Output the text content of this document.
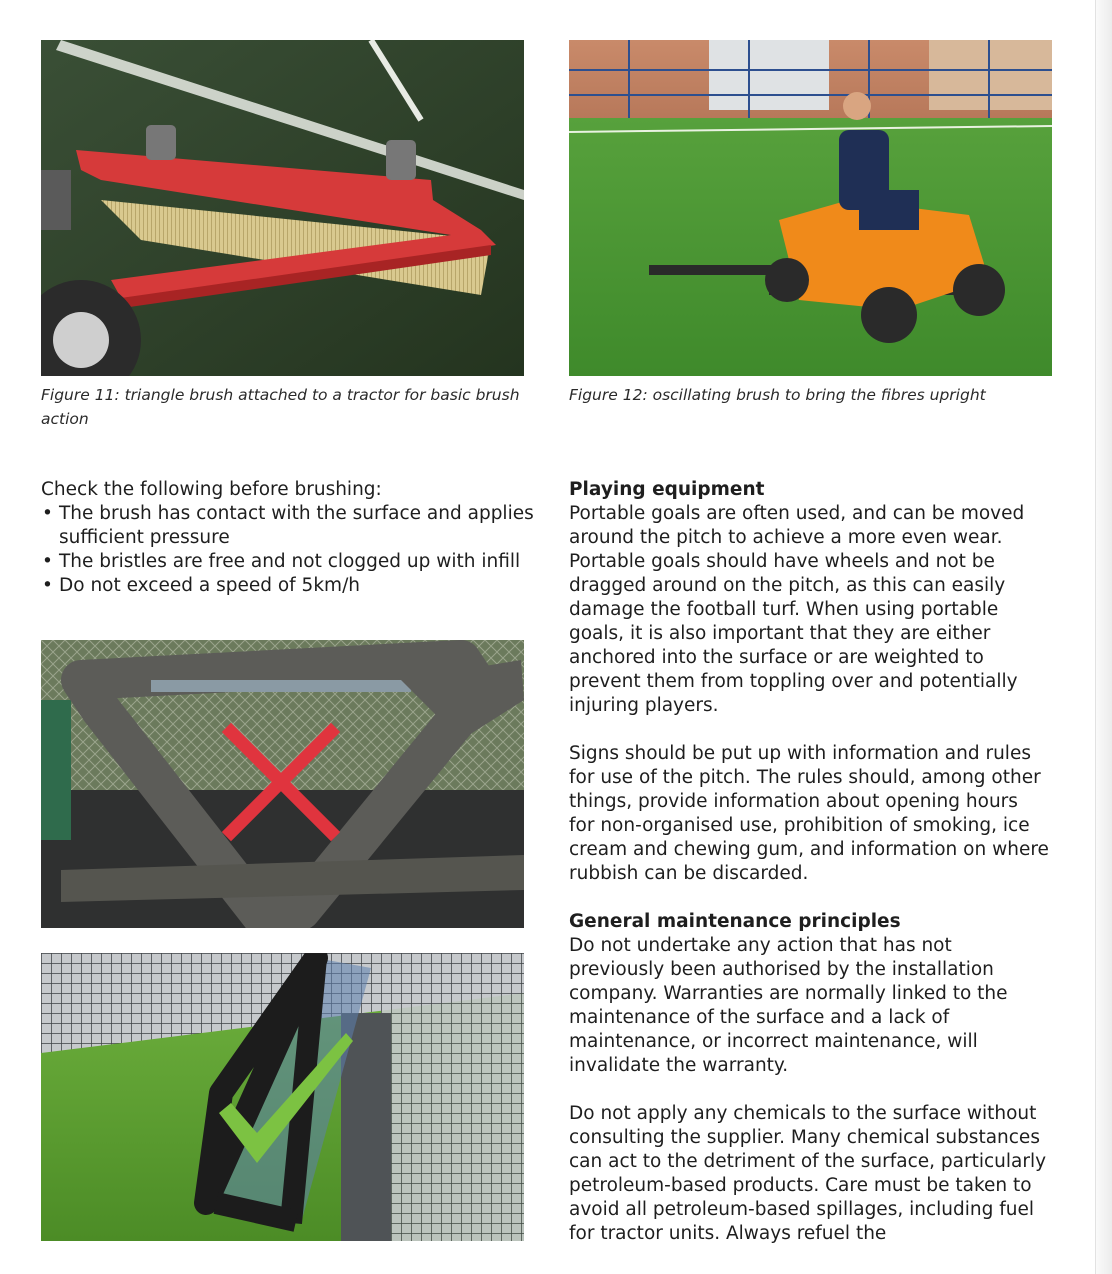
Figure 11: triangle brush attached to a tractor for basic brush action
Figure 12: oscillating brush to bring the fibres upright

Check the following before brushing:

• The brush has contact with the surface and applies sufficient pressure
• The bristles are free and not clogged up with infill
• Do not exceed a speed of 5km/h

Playing equipment

Portable goals are often used, and can be moved around the pitch to achieve a more even wear. Portable goals should have wheels and not be dragged around on the pitch, as this can easily damage the football turf. When using portable goals, it is also important that they are either anchored into the surface or are weighted to prevent them from toppling over and potentially injuring players.

Signs should be put up with information and rules for use of the pitch. The rules should, among other things, provide information about opening hours for non-organised use, prohibition of smoking, ice cream and chewing gum, and information on where rubbish can be discarded.

General maintenance principles

Do not undertake any action that has not previously been authorised by the installation company. Warranties are normally linked to the maintenance of the surface and a lack of maintenance, or incorrect maintenance, will invalidate the warranty.

Do not apply any chemicals to the surface without consulting the supplier. Many chemical substances can act to the detriment of the surface, particularly petroleum-based products. Care must be taken to avoid all petroleum-based spillages, including fuel for tractor units. Always refuel the
